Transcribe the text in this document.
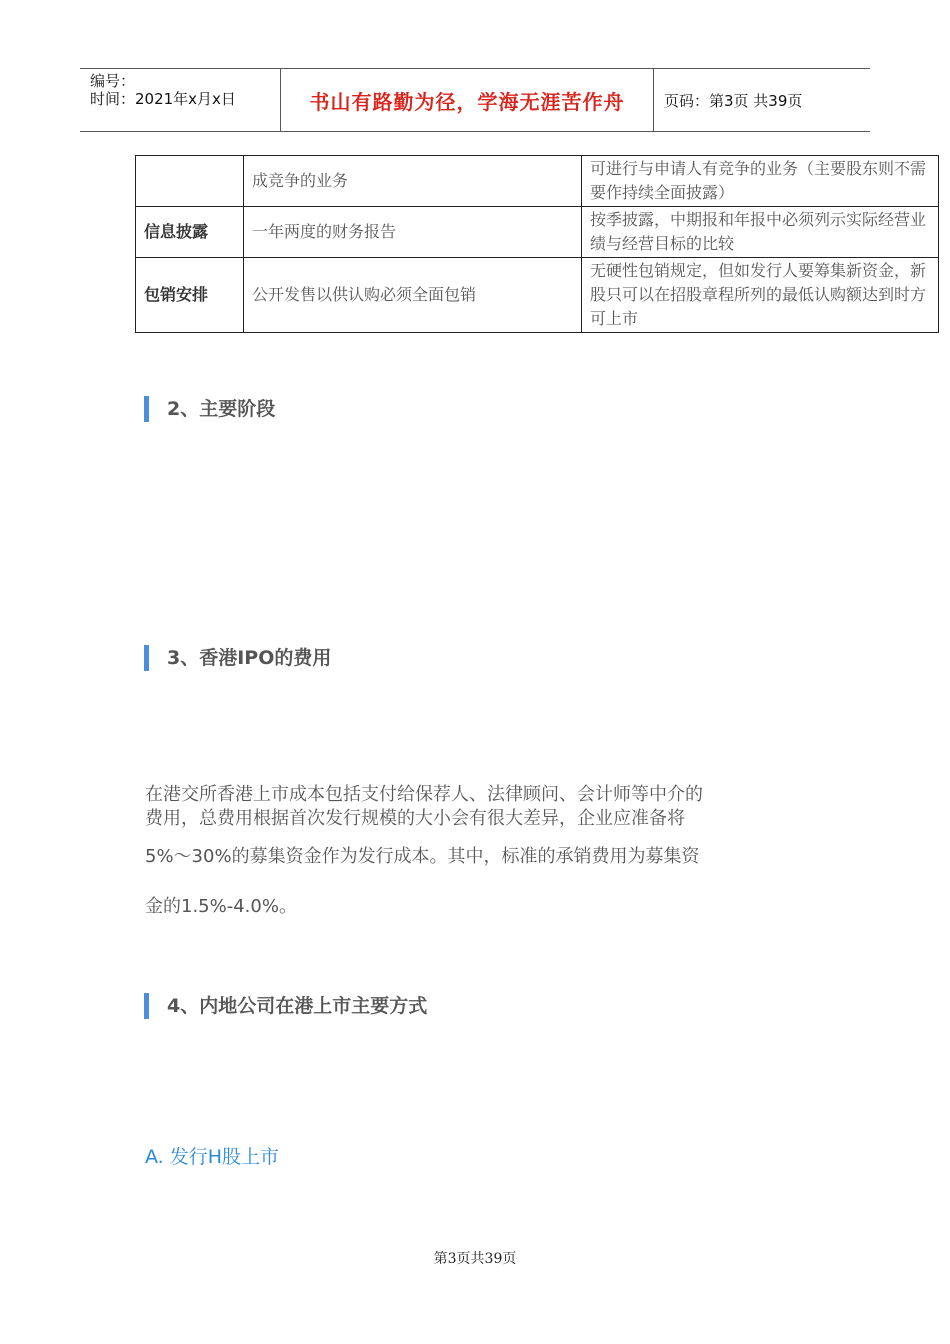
编号：
时间：2021年x月x日	书山有路勤为径，学海无涯苦作舟	页码：第3页 共39页
	成竞争的业务	可进行与申请人有竞争的业务（主要股东则不需要作持续全面披露）
信息披露	一年两度的财务报告	按季披露，中期报和年报中必须列示实际经营业绩与经营目标的比较
包销安排	公开发售以供认购必须全面包销	无硬性包销规定，但如发行人要筹集新资金，新股只可以在招股章程所列的最低认购额达到时方可上市
2、主要阶段
3、香港IPO的费用
在港交所香港上市成本包括支付给保荐人、法律顾问、会计师等中介的
费用，总费用根据首次发行规模的大小会有很大差异，企业应准备将
5%～30%的募集资金作为发行成本。其中，标准的承销费用为募集资
金的1.5%-4.0%。
4、内地公司在港上市主要方式
A. 发行H股上市
第3页共39页
